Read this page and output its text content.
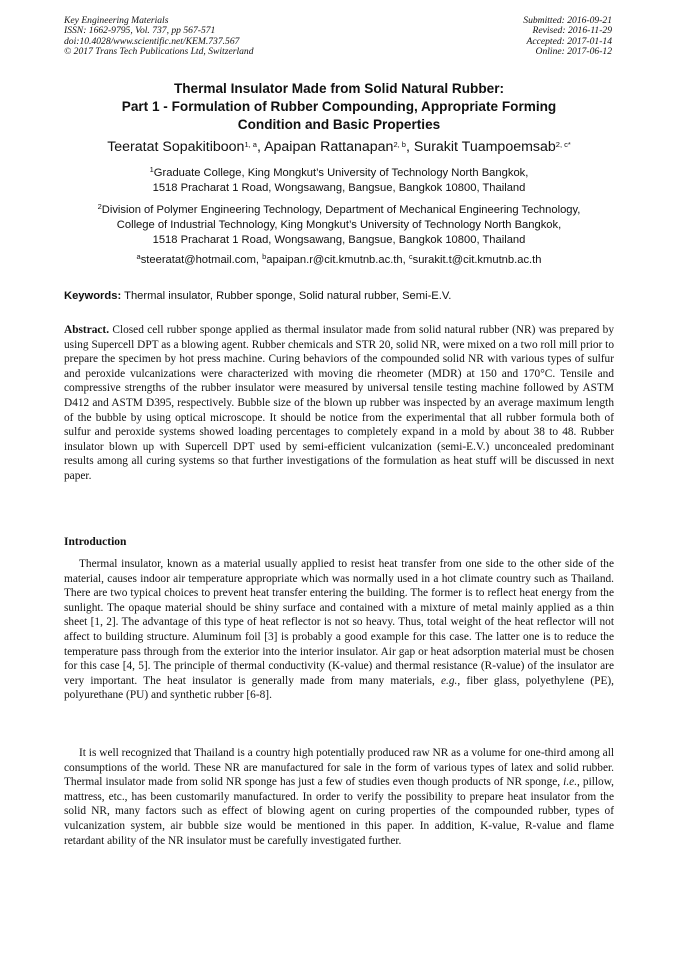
Key Engineering Materials
ISSN: 1662-9795, Vol. 737, pp 567-571
doi:10.4028/www.scientific.net/KEM.737.567
© 2017 Trans Tech Publications Ltd, Switzerland
Submitted: 2016-09-21
Revised: 2016-11-29
Accepted: 2017-01-14
Online: 2017-06-12
Thermal Insulator Made from Solid Natural Rubber:
Part 1 - Formulation of Rubber Compounding, Appropriate Forming
Condition and Basic Properties
Teeratat Sopakitiboon$^{1, a}$, Apaipan Rattanapan$^{2, b}$, Surakit Tuampoemsab$^{2, c*}$
$^1$Graduate College, King Mongkut’s University of Technology North Bangkok,
1518 Pracharat 1 Road, Wongsawang, Bangsue, Bangkok 10800, Thailand
$^2$Division of Polymer Engineering Technology, Department of Mechanical Engineering Technology,
College of Industrial Technology, King Mongkut’s University of Technology North Bangkok,
1518 Pracharat 1 Road, Wongsawang, Bangsue, Bangkok 10800, Thailand
$^a$steeratat@hotmail.com, $^b$apaipan.r@cit.kmutnb.ac.th, $^c$surakit.t@cit.kmutnb.ac.th
Keywords: Thermal insulator, Rubber sponge, Solid natural rubber, Semi-E.V.

Abstract. Closed cell rubber sponge applied as thermal insulator made from solid natural rubber (NR) was prepared by using Supercell DPT as a blowing agent. Rubber chemicals and STR 20, solid NR, were mixed on a two roll mill prior to prepare the specimen by hot press machine. Curing behaviors of the compounded solid NR with various types of sulfur and peroxide vulcanizations were characterized with moving die rheometer (MDR) at 150 and 170°C. Tensile and compressive strengths of the rubber insulator were measured by universal tensile testing machine followed by ASTM D412 and ASTM D395, respectively. Bubble size of the blown up rubber was inspected by an average maximum length of the bubble by using optical microscope. It should be notice from the experimental that all rubber formula both of sulfur and peroxide systems showed loading percentages to completely expand in a mold by about 38 to 48. Rubber insulator blown up with Supercell DPT used by semi-efficient vulcanization (semi-E.V.) unconcealed predominant results among all curing systems so that further investigations of the formulation as heat stuff will be discussed in next paper.

Introduction

Thermal insulator, known as a material usually applied to resist heat transfer from one side to the other side of the material, causes indoor air temperature appropriate which was normally used in a hot climate country such as Thailand. There are two typical choices to prevent heat transfer entering the building. The former is to reflect heat energy from the sunlight. The opaque material should be shiny surface and contained with a mixture of metal mainly applied as a thin sheet [1, 2]. The advantage of this type of heat reflector is not so heavy. Thus, total weight of the heat reflector will not affect to building structure. Aluminum foil [3] is probably a good example for this case. The latter one is to reduce the temperature pass through from the exterior into the interior insulator. Air gap or heat adsorption material must be chosen for this case [4, 5]. The principle of thermal conductivity (K-value) and thermal resistance (R-value) of the insulator are very important. The heat insulator is generally made from many materials, e.g., fiber glass, polyethylene (PE), polyurethane (PU) and synthetic rubber [6-8].

It is well recognized that Thailand is a country high potentially produced raw NR as a volume for one-third among all consumptions of the world. These NR are manufactured for sale in the form of various types of latex and solid rubber. Thermal insulator made from solid NR sponge has just a few of studies even though products of NR sponge, i.e., pillow, mattress, etc., has been customarily manufactured. In order to verify the possibility to prepare heat insulator from the solid NR, many factors such as effect of blowing agent on curing properties of the compounded rubber, types of vulcanization system, air bubble size would be mentioned in this paper. In addition, K-value, R-value and flame retardant ability of the NR insulator must be carefully investigated further.
